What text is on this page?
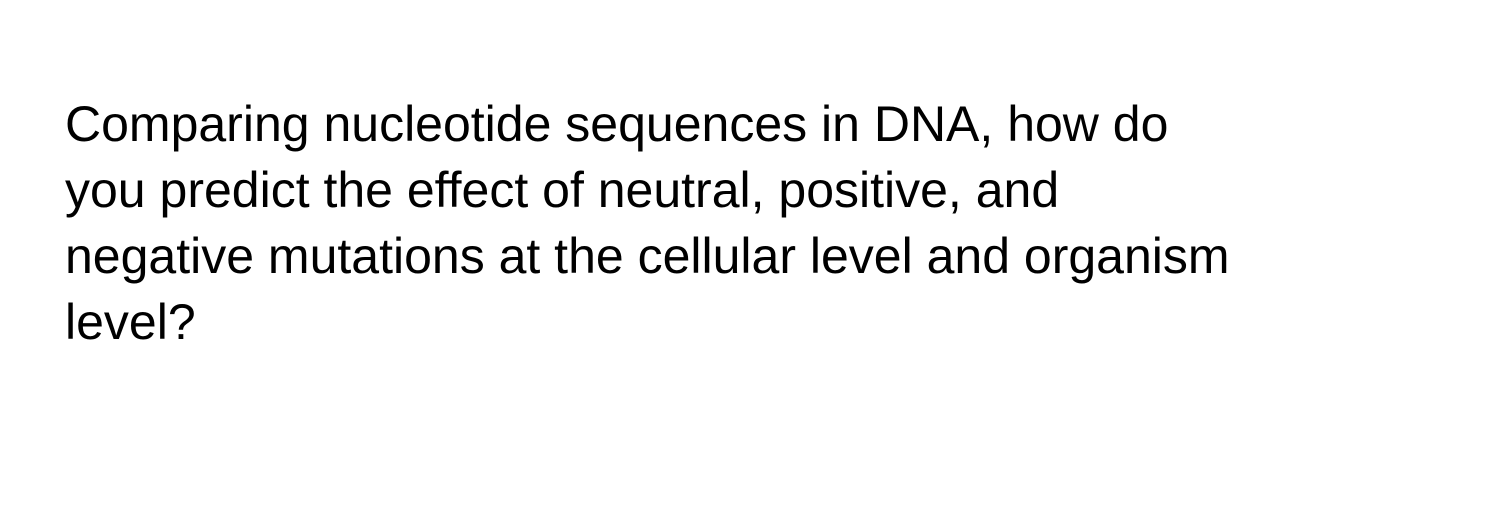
Comparing nucleotide sequences in DNA, how do
you predict the effect of neutral, positive, and
negative mutations at the cellular level and organism
level?
